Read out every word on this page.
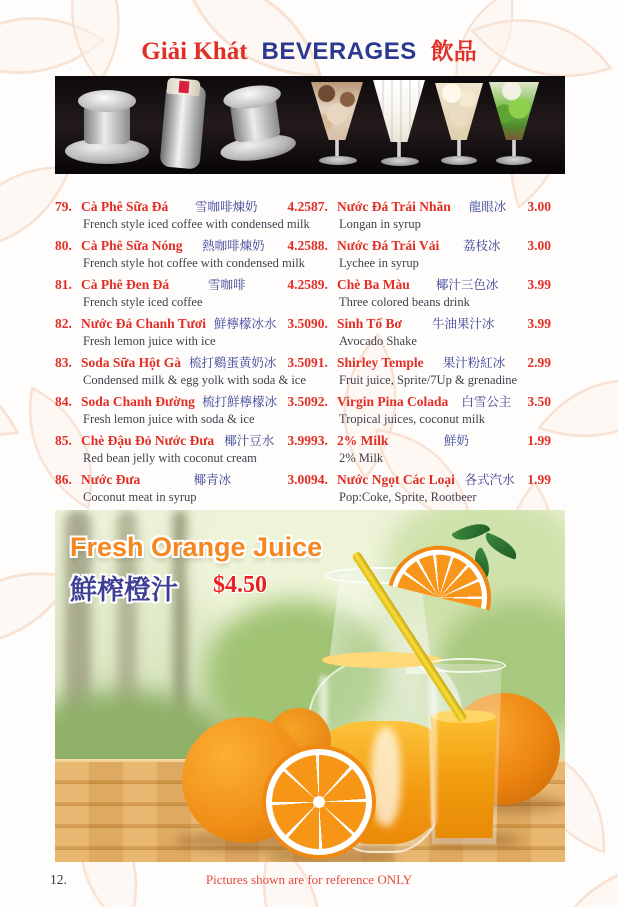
Giải Khát BEVERAGES 飲品
79. Cà Phê Sữa Đá	雪咖啡煉奶	4.25
French style iced coffee with condensed milk
80. Cà Phê Sữa Nóng	熱咖啡煉奶	4.25
French style hot coffee with condensed milk
81. Cà Phê Đen Đá	雪咖啡	4.25
French style iced coffee
82. Nước Đá Chanh Tươi 鮮檸檬冰水 3.50
Fresh lemon juice with ice
83. Soda Sữa Hột Gà 梳打鷄蛋黄奶冰 3.50
Condensed milk & egg yolk with soda & ice
84. Soda Chanh Đường 梳打鮮檸檬冰 3.50
Fresh lemon juice with soda & ice
85. Chè Đậu Đỏ Nước Đưa 椰汁豆水 3.99
Red bean jelly with coconut cream
86. Nước Đưa	椰青冰	3.00
Coconut meat in syrup
87. Nước Đá Trái Nhãn	龍眼冰	3.00
Longan in syrup
88. Nước Đá Trái Vải	荔枝冰	3.00
Lychee in syrup
89. Chè Ba Màu	椰汁三色冰	3.99
Three colored beans drink
90. Sinh Tố Bơ	牛油果汁冰	3.99
Avocado Shake
91. Shirley Temple	果汁粉紅冰	2.99
Fruit juice, Sprite/7Up & grenadine
92. Virgin Pina Colada	白雪公主	3.50
Tropical juices, coconut milk
93. 2% Milk	鮮奶	1.99
2% Milk
94. Nước Ngọt Các Loại 各式汽水 1.99
Pop:Coke, Sprite, Rootbeer
Fresh Orange Juice
鮮榨橙汁 $4.50
12.	Pictures shown are for reference ONLY
